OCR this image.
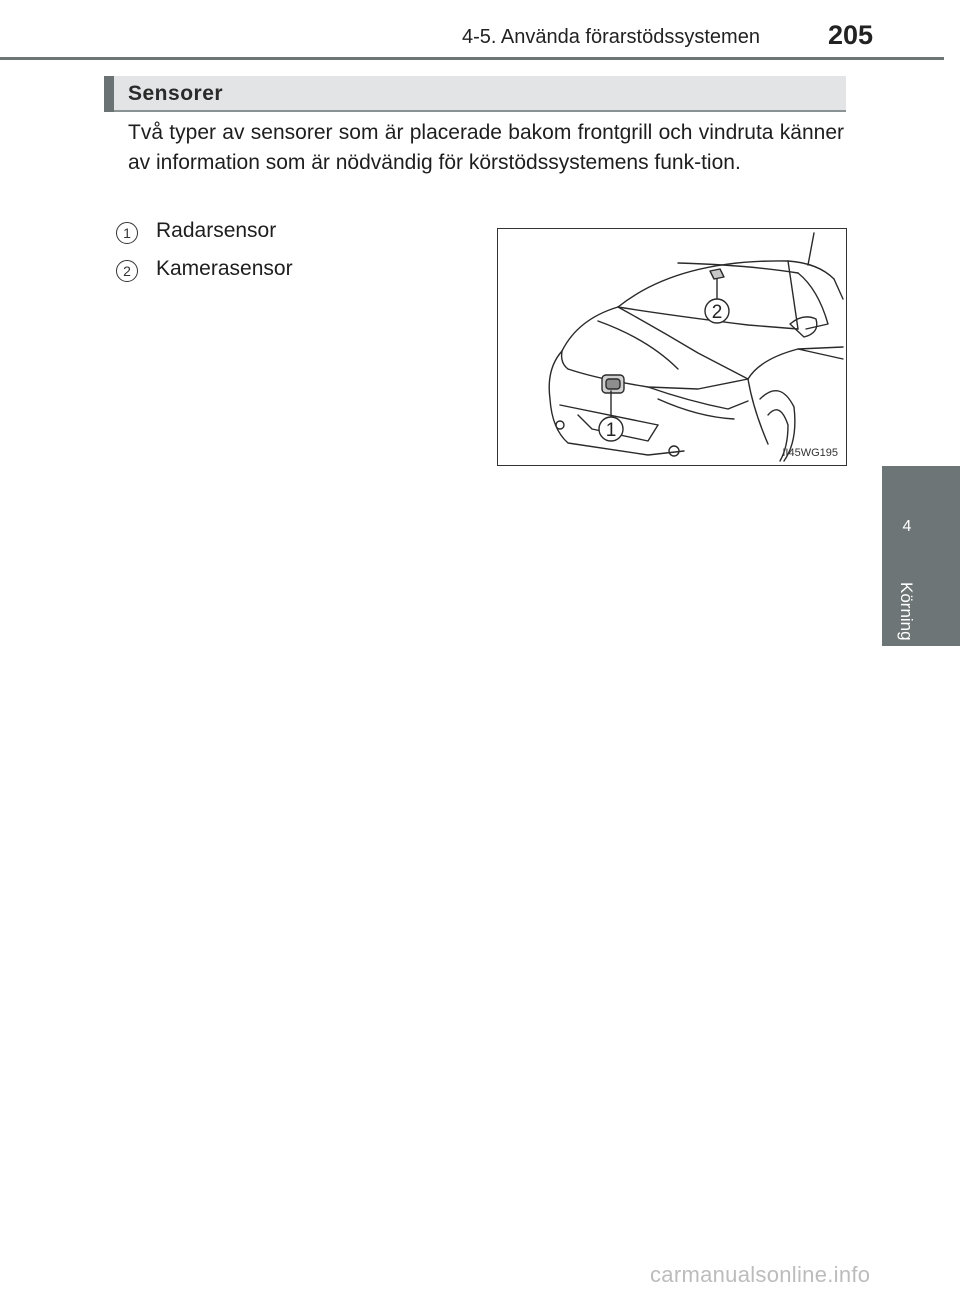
4-5. Använda förarstödssystemen	205
Sensorer
Två typer av sensorer som är placerade bakom frontgrill och vindruta känner av information som är nödvändig för körstödssystemens funk-tion.
1	Radarsensor
2	Kamerasensor
2
1
II45WG195
4
Körning
carmanualsonline.info
